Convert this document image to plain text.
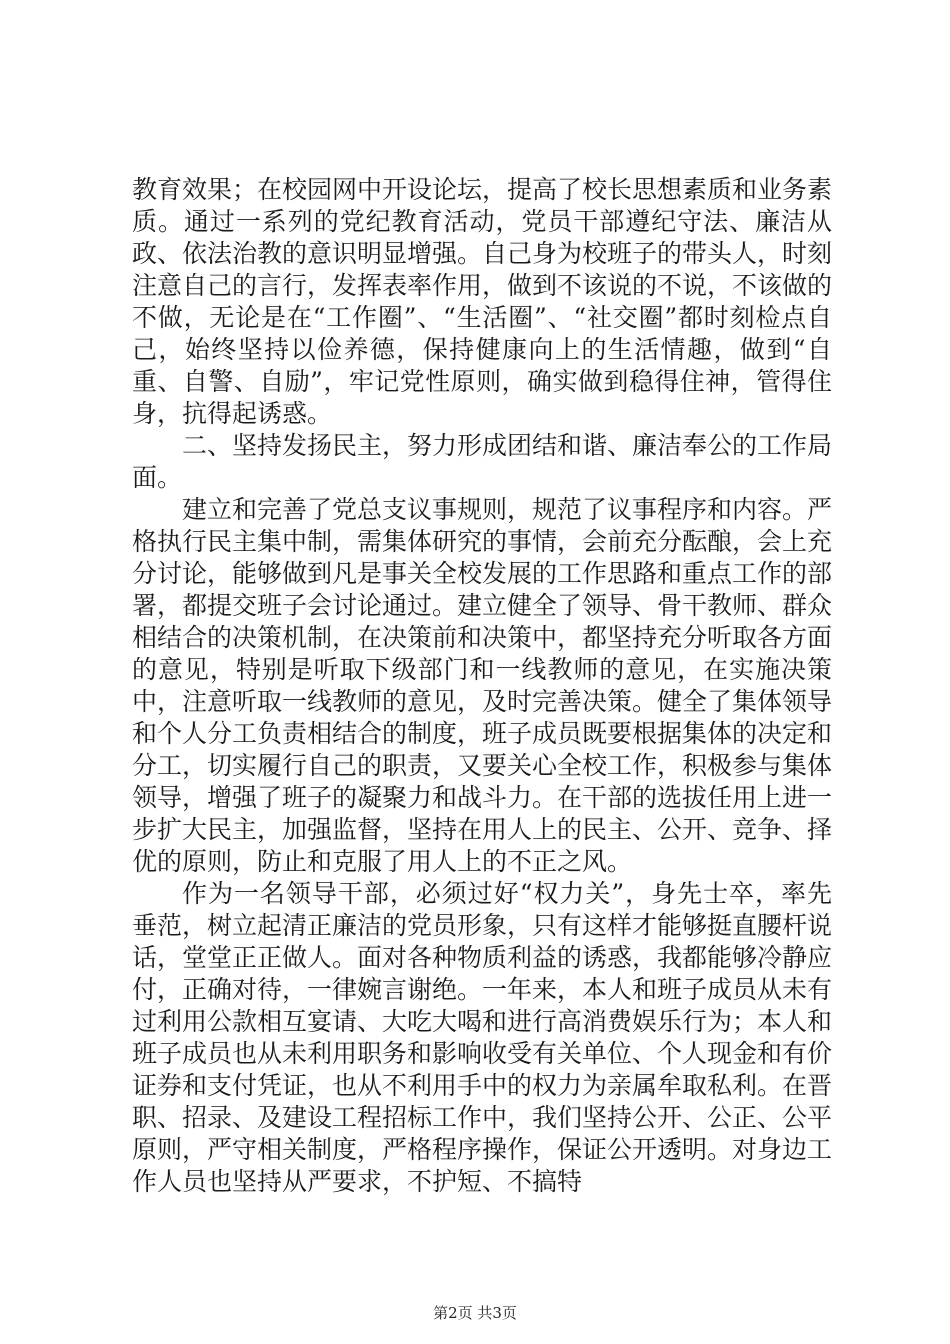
教育效果；在校园网中开设论坛，提高了校长思想素质和业务素质。通过一系列的党纪教育活动，党员干部遵纪守法、廉洁从政、依法治教的意识明显增强。自己身为校班子的带头人，时刻注意自己的言行，发挥表率作用，做到不该说的不说，不该做的不做，无论是在“工作圈”、“生活圈”、“社交圈”都时刻检点自己，始终坚持以俭养德，保持健康向上的生活情趣，做到“自重、自警、自励”，牢记党性原则，确实做到稳得住神，管得住身，抗得起诱惑。

二、坚持发扬民主，努力形成团结和谐、廉洁奉公的工作局面。

建立和完善了党总支议事规则，规范了议事程序和内容。严格执行民主集中制，需集体研究的事情，会前充分酝酿，会上充分讨论，能够做到凡是事关全校发展的工作思路和重点工作的部署，都提交班子会讨论通过。建立健全了领导、骨干教师、群众相结合的决策机制，在决策前和决策中，都坚持充分听取各方面的意见，特别是听取下级部门和一线教师的意见，在实施决策中，注意听取一线教师的意见，及时完善决策。健全了集体领导和个人分工负责相结合的制度，班子成员既要根据集体的决定和分工，切实履行自己的职责，又要关心全校工作，积极参与集体领导，增强了班子的凝聚力和战斗力。在干部的选拔任用上进一步扩大民主，加强监督，坚持在用人上的民主、公开、竞争、择优的原则，防止和克服了用人上的不正之风。

作为一名领导干部，必须过好“权力关”，身先士卒，率先垂范，树立起清正廉洁的党员形象，只有这样才能够挺直腰杆说话，堂堂正正做人。面对各种物质利益的诱惑，我都能够冷静应付，正确对待，一律婉言谢绝。一年来，本人和班子成员从未有过利用公款相互宴请、大吃大喝和进行高消费娱乐行为；本人和班子成员也从未利用职务和影响收受有关单位、个人现金和有价证券和支付凭证，也从不利用手中的权力为亲属牟取私利。在晋职、招录、及建设工程招标工作中，我们坚持公开、公正、公平原则，严守相关制度，严格程序操作，保证公开透明。对身边工作人员也坚持从严要求，不护短、不搞特

第2页 共3页
